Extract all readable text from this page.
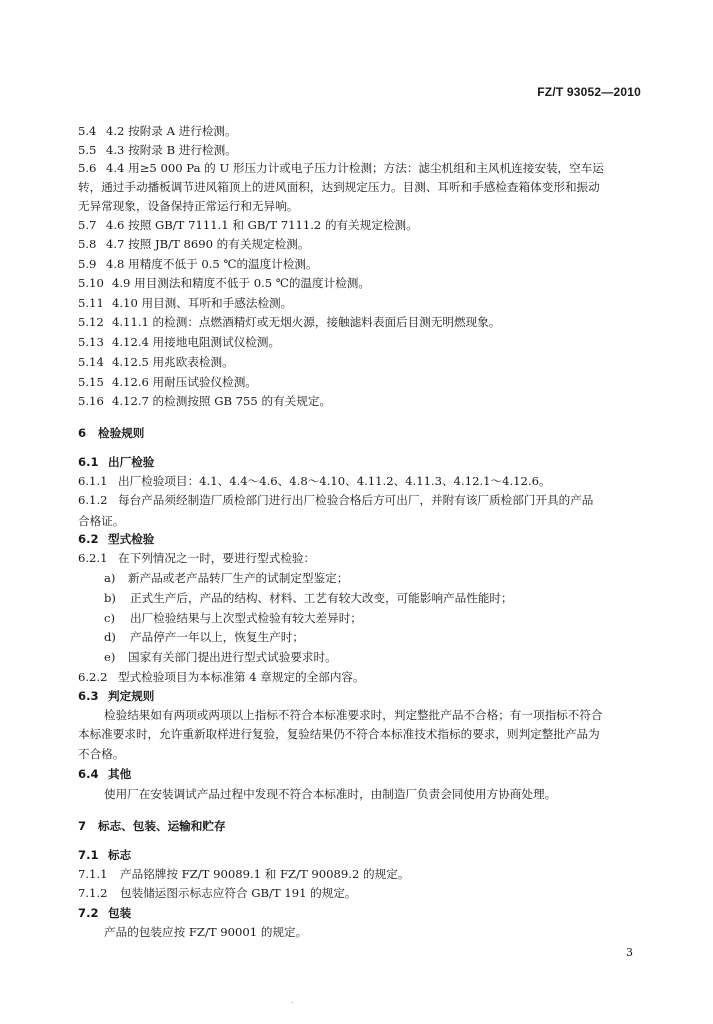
FZ/T 93052—2010
5.4 4.2 按附录 A 进行检测。
5.5 4.3 按附录 B 进行检测。
5.6 4.4 用≥5 000 Pa 的 U 形压力计或电子压力计检测；方法：滤尘机组和主风机连接安装，空车运
转，通过手动播板调节进风箱顶上的进风面积，达到规定压力。目测、耳听和手感检查箱体变形和振动
无异常现象，设备保持正常运行和无异响。
5.7 4.6 按照 GB/T 7111.1 和 GB/T 7111.2 的有关规定检测。
5.8 4.7 按照 JB/T 8690 的有关规定检测。
5.9 4.8 用精度不低于 0.5 ℃的温度计检测。
5.10 4.9 用目测法和精度不低于 0.5 ℃的温度计检测。
5.11 4.10 用目测、耳听和手感法检测。
5.12 4.11.1 的检测：点燃酒精灯或无烟火源，接触滤料表面后目测无明燃现象。
5.13 4.12.4 用接地电阻测试仪检测。
5.14 4.12.5 用兆欧表检测。
5.15 4.12.6 用耐压试验仪检测。
5.16 4.12.7 的检测按照 GB 755 的有关规定。
6 检验规则
6.1 出厂检验
6.1.1 出厂检验项目：4.1、4.4～4.6、4.8～4.10、4.11.2、4.11.3、4.12.1～4.12.6。
6.1.2 每台产品须经制造厂质检部门进行出厂检验合格后方可出厂，并附有该厂质检部门开具的产品
合格证。
6.2 型式检验
6.2.1 在下列情况之一时，要进行型式检验：
a) 新产品或老产品转厂生产的试制定型鉴定；
b) 正式生产后，产品的结构、材料、工艺有较大改变，可能影响产品性能时；
c) 出厂检验结果与上次型式检验有较大差异时；
d) 产品停产一年以上，恢复生产时；
e) 国家有关部门提出进行型式试验要求时。
6.2.2 型式检验项目为本标准第 4 章规定的全部内容。
6.3 判定规则
检验结果如有两项或两项以上指标不符合本标准要求时，判定整批产品不合格；有一项指标不符合
本标准要求时，允许重新取样进行复验，复验结果仍不符合本标准技术指标的要求，则判定整批产品为
不合格。
6.4 其他
使用厂在安装调试产品过程中发现不符合本标准时，由制造厂负责会同使用方协商处理。
7 标志、包装、运输和贮存
7.1 标志
7.1.1 产品铭牌按 FZ/T 90089.1 和 FZ/T 90089.2 的规定。
7.1.2 包装储运图示标志应符合 GB/T 191 的规定。
7.2 包装
产品的包装应按 FZ/T 90001 的规定。
3
.
